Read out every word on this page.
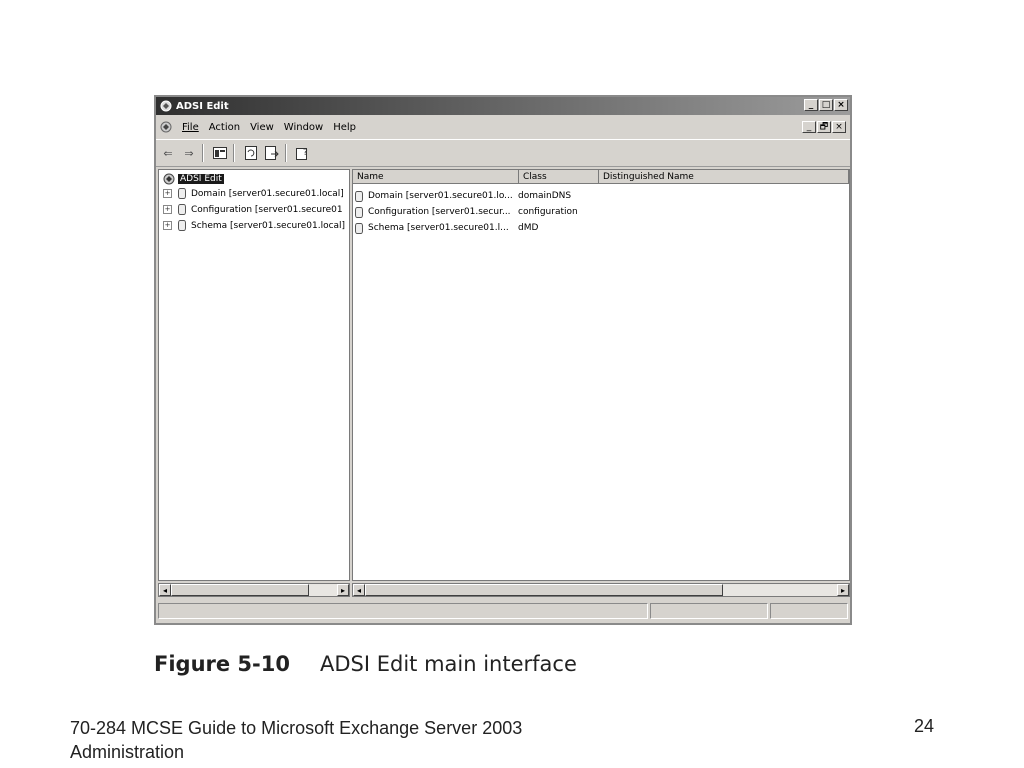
ADSI Edit	_ □ ×
File Action View Window Help	_ 🗗 ×
⇐	⇒	?
ADSI Edit
+ Domain [server01.secure01.local]
+ Configuration [server01.secure01
+ Schema [server01.secure01.local]
Name	Class	Distinguished Name
Domain [server01.secure01.lo... domainDNS
Configuration [server01.secur... configuration
Schema [server01.secure01.l... dMD
◂	▸	◂	▸
Figure 5-10 ADSI Edit main interface
70-284 MCSE Guide to Microsoft Exchange Server 2003
Administration
24
